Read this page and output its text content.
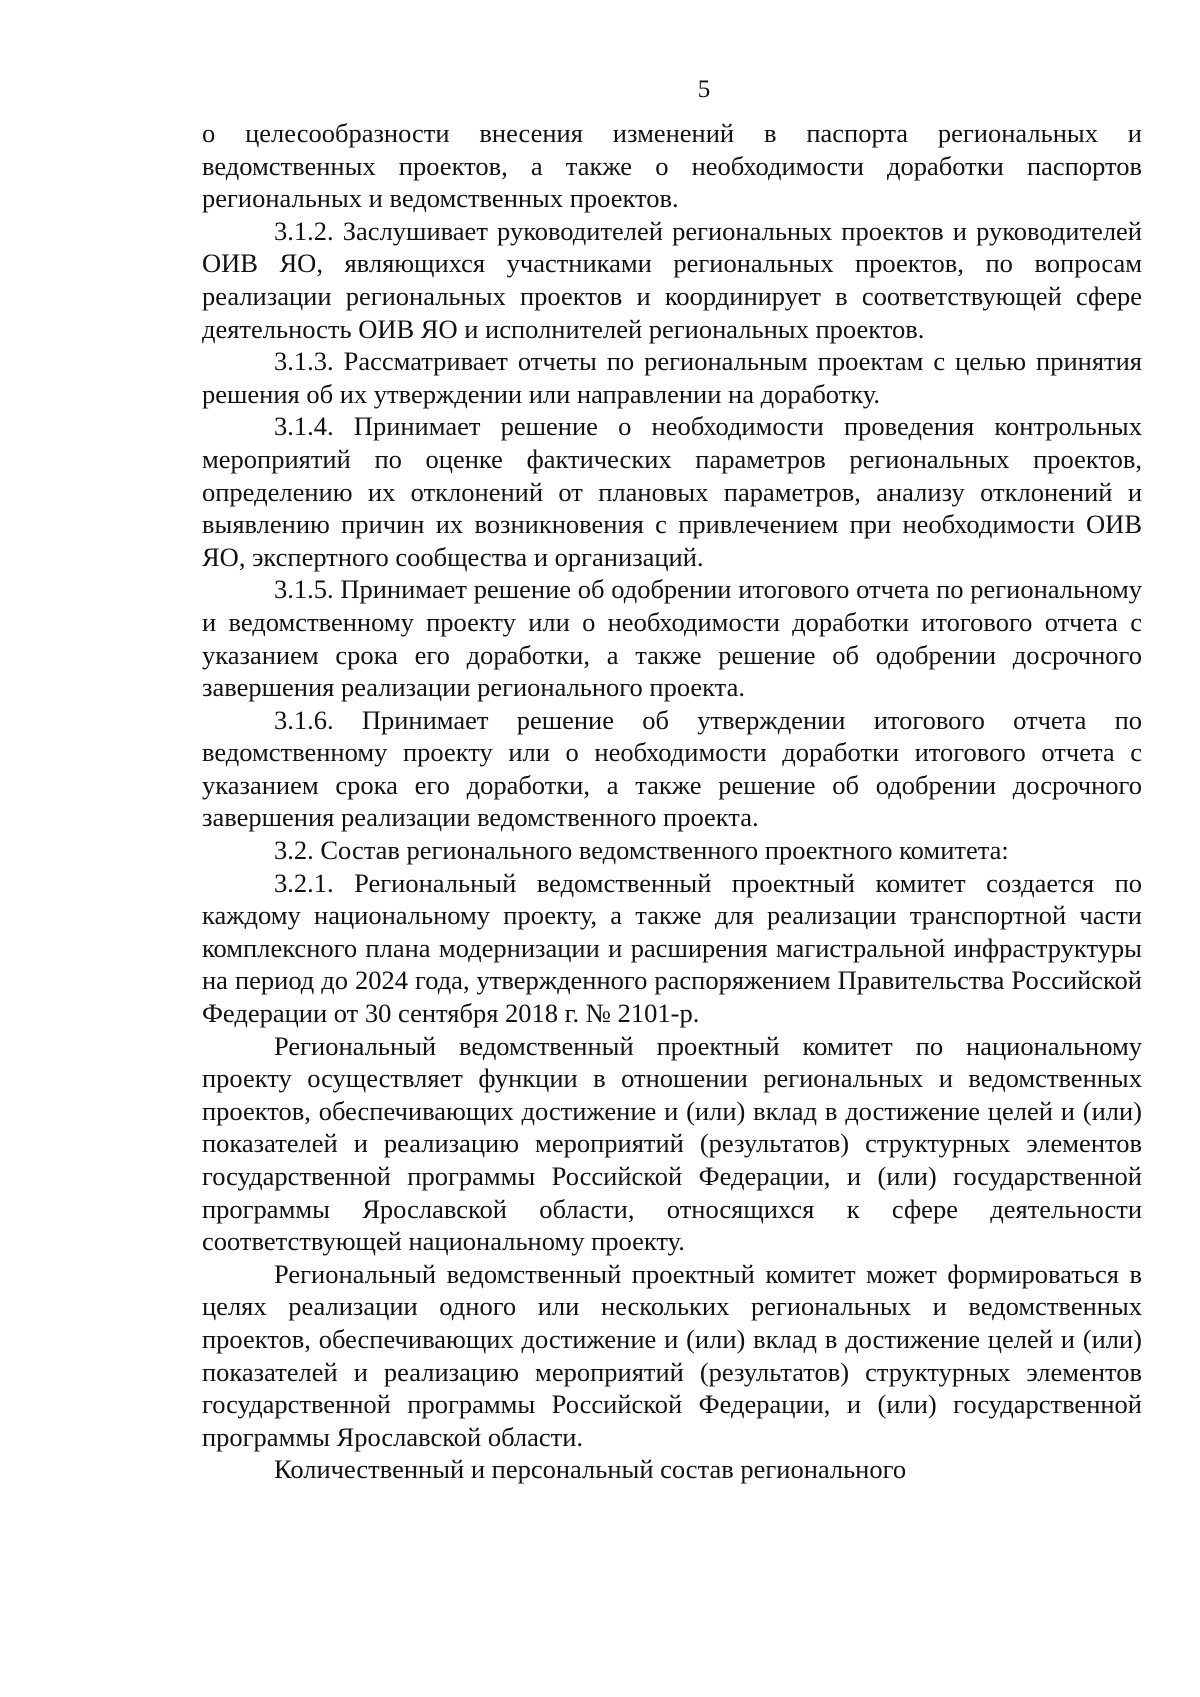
5

о целесообразности внесения изменений в паспорта региональных и ведомственных проектов, а также о необходимости доработки паспортов региональных и ведомственных проектов.

3.1.2. Заслушивает руководителей региональных проектов и руководителей ОИВ ЯО, являющихся участниками региональных проектов, по вопросам реализации региональных проектов и координирует в соответствующей сфере деятельность ОИВ ЯО и исполнителей региональных проектов.

3.1.3. Рассматривает отчеты по региональным проектам с целью принятия решения об их утверждении или направлении на доработку.

3.1.4. Принимает решение о необходимости проведения контрольных мероприятий по оценке фактических параметров региональных проектов, определению их отклонений от плановых параметров, анализу отклонений и выявлению причин их возникновения с привлечением при необходимости ОИВ ЯО, экспертного сообщества и организаций.

3.1.5. Принимает решение об одобрении итогового отчета по региональному и ведомственному проекту или о необходимости доработки итогового отчета с указанием срока его доработки, а также решение об одобрении досрочного завершения реализации регионального проекта.

3.1.6. Принимает решение об утверждении итогового отчета по ведомственному проекту или о необходимости доработки итогового отчета с указанием срока его доработки, а также решение об одобрении досрочного завершения реализации ведомственного проекта.

3.2. Состав регионального ведомственного проектного комитета:

3.2.1. Региональный ведомственный проектный комитет создается по каждому национальному проекту, а также для реализации транспортной части комплексного плана модернизации и расширения магистральной инфраструктуры на период до 2024 года, утвержденного распоряжением Правительства Российской Федерации от 30 сентября 2018 г. № 2101-р.

Региональный ведомственный проектный комитет по национальному проекту осуществляет функции в отношении региональных и ведомственных проектов, обеспечивающих достижение и (или) вклад в достижение целей и (или) показателей и реализацию мероприятий (результатов) структурных элементов государственной программы Российской Федерации, и (или) государственной программы Ярославской области, относящихся к сфере деятельности соответствующей национальному проекту.

Региональный ведомственный проектный комитет может формироваться в целях реализации одного или нескольких региональных и ведомственных проектов, обеспечивающих достижение и (или) вклад в достижение целей и (или) показателей и реализацию мероприятий (результатов) структурных элементов государственной программы Российской Федерации, и (или) государственной программы Ярославской области.

Количественный и персональный состав регионального
